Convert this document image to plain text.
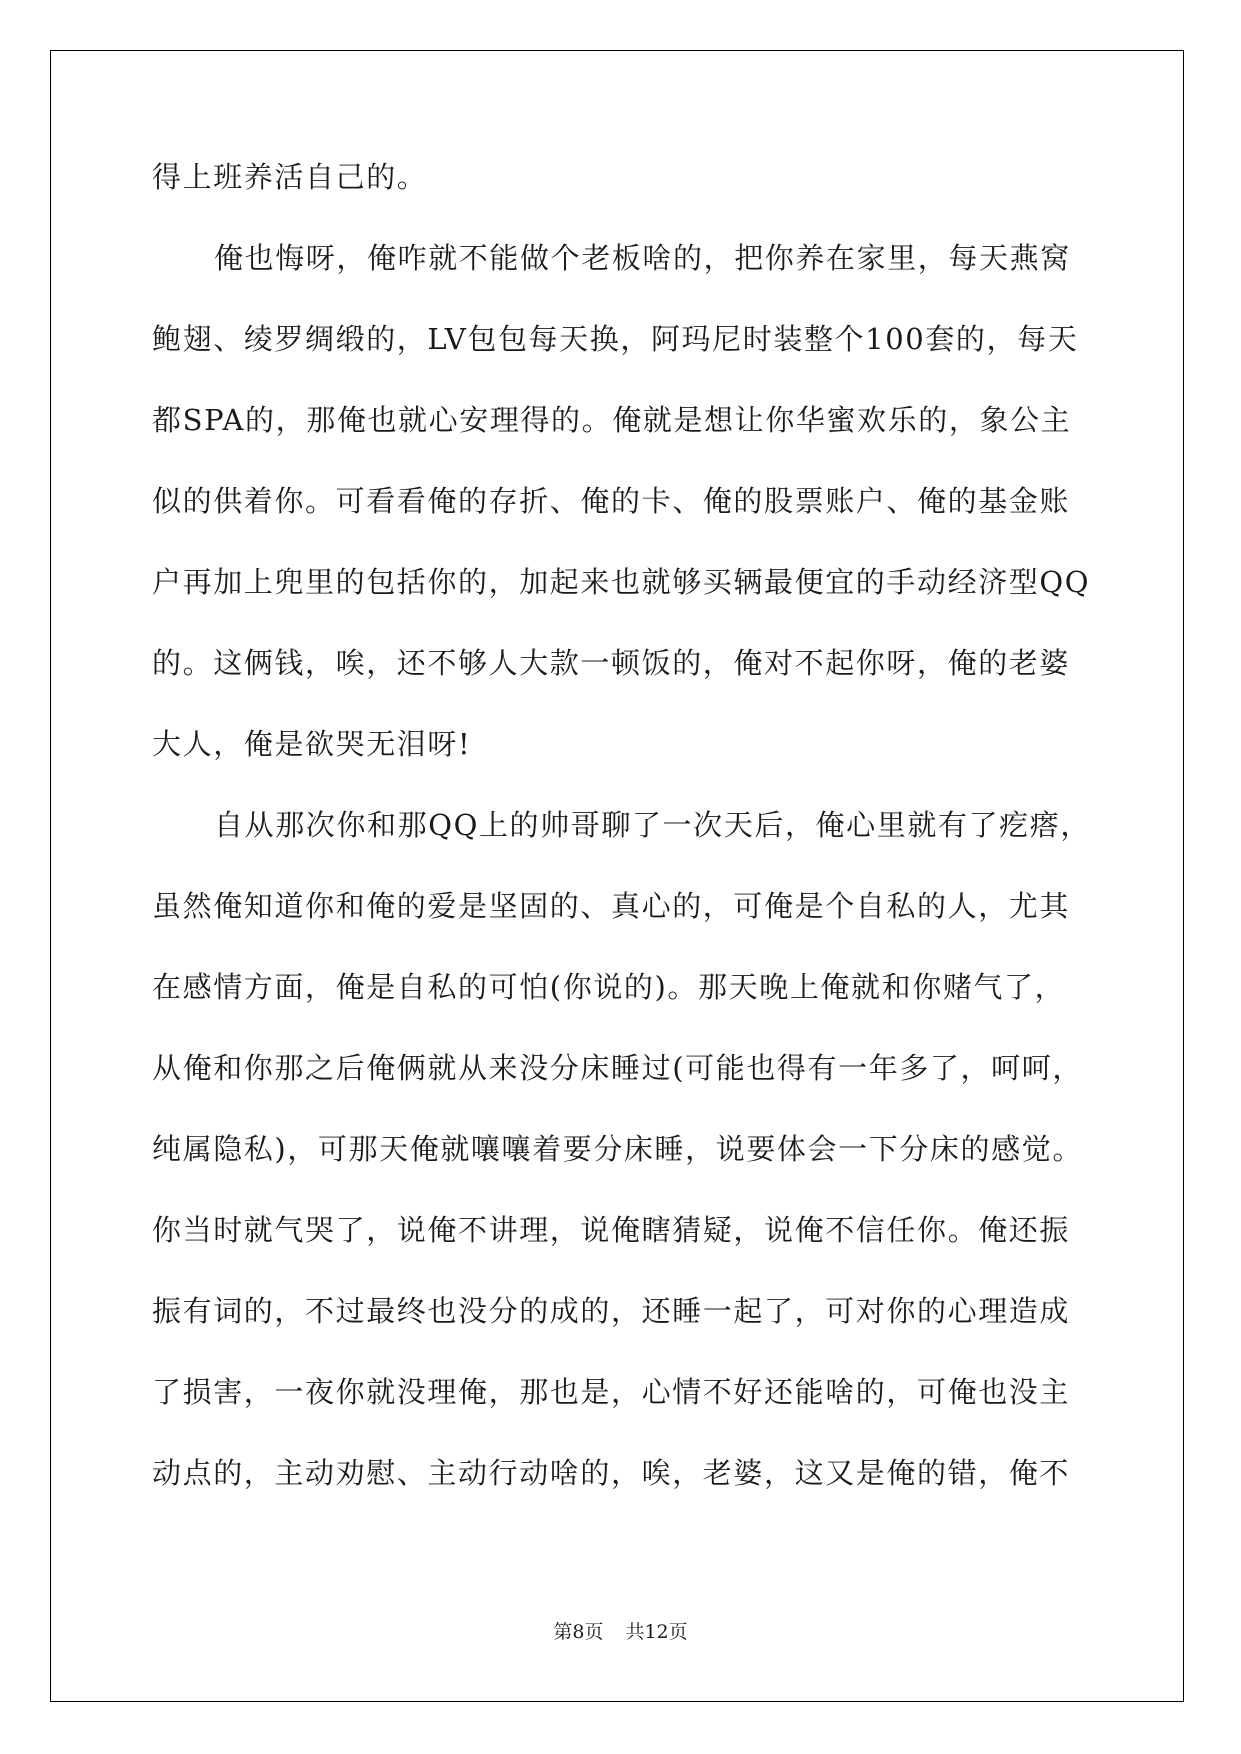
得上班养活自己的。
俺也悔呀，俺咋就不能做个老板啥的，把你养在家里，每天燕窝
鲍翅、绫罗绸缎的，LV包包每天换，阿玛尼时装整个100套的，每天
都SPA的，那俺也就心安理得的。俺就是想让你华蜜欢乐的，象公主
似的供着你。可看看俺的存折、俺的卡、俺的股票账户、俺的基金账
户再加上兜里的包括你的，加起来也就够买辆最便宜的手动经济型QQ
的。这俩钱，唉，还不够人大款一顿饭的，俺对不起你呀，俺的老婆
大人，俺是欲哭无泪呀!
自从那次你和那QQ上的帅哥聊了一次天后，俺心里就有了疙瘩，
虽然俺知道你和俺的爱是坚固的、真心的，可俺是个自私的人，尤其
在感情方面，俺是自私的可怕(你说的)。那天晚上俺就和你赌气了，
从俺和你那之后俺俩就从来没分床睡过(可能也得有一年多了，呵呵，
纯属隐私)，可那天俺就嚷嚷着要分床睡，说要体会一下分床的感觉。
你当时就气哭了，说俺不讲理，说俺瞎猜疑，说俺不信任你。俺还振
振有词的，不过最终也没分的成的，还睡一起了，可对你的心理造成
了损害，一夜你就没理俺，那也是，心情不好还能啥的，可俺也没主
动点的，主动劝慰、主动行动啥的，唉，老婆，这又是俺的错，俺不
第8页 共12页
